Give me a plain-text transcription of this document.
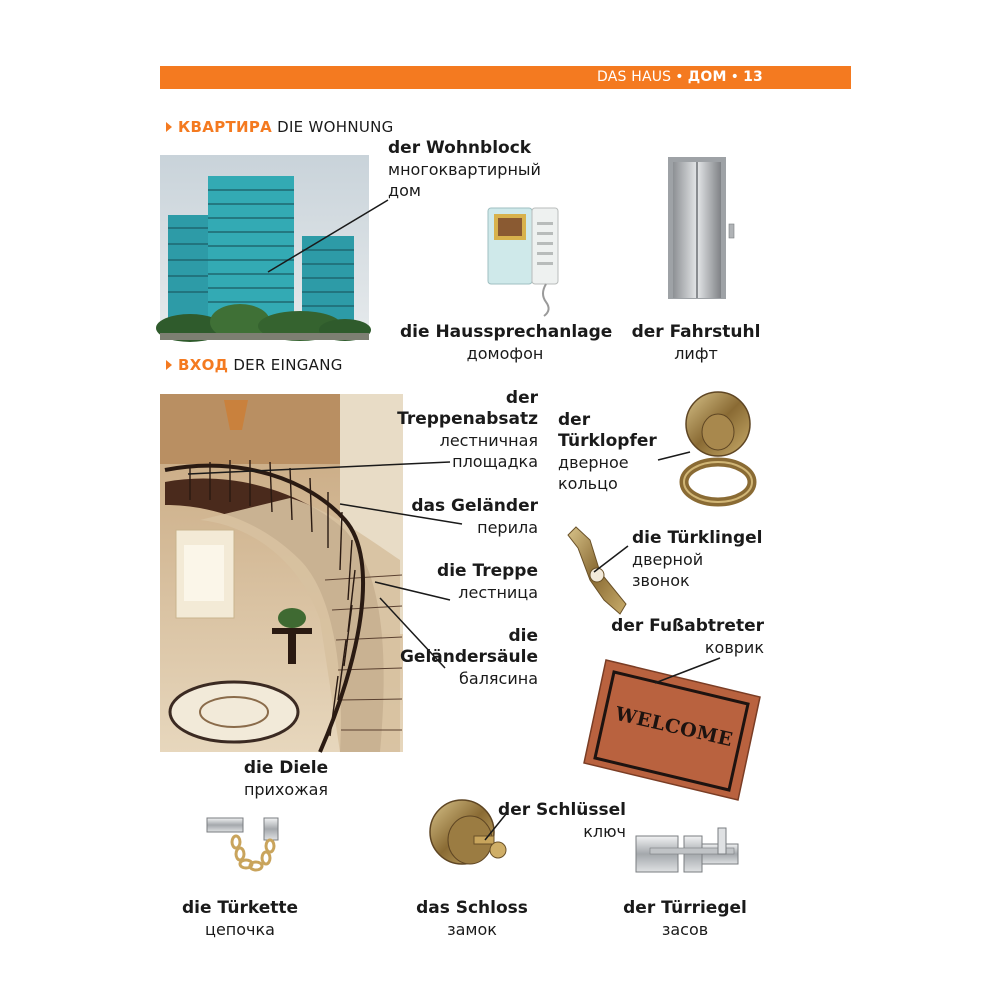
DAS HAUS • ДОМ • 13
КВАРТИРА DIE WOHNUNG
ВХОД DER EINGANG
WELCOME
der Wohnblock
многоквартирный
дом
die Haussprechanlage
домофон
der Fahrstuhl
лифт
der
Treppenabsatz
лестничная
площадка
der
Türklopfer
дверное
кольцо
das Geländer
перила
die Türklingel
дверной
звонок
die Treppe
лестница
der Fußabtreter
коврик
die
Geländersäule
балясина
die Diele
прихожая
der Schlüssel
ключ
die Türkette
цепочка
das Schloss
замок
der Türriegel
засов
